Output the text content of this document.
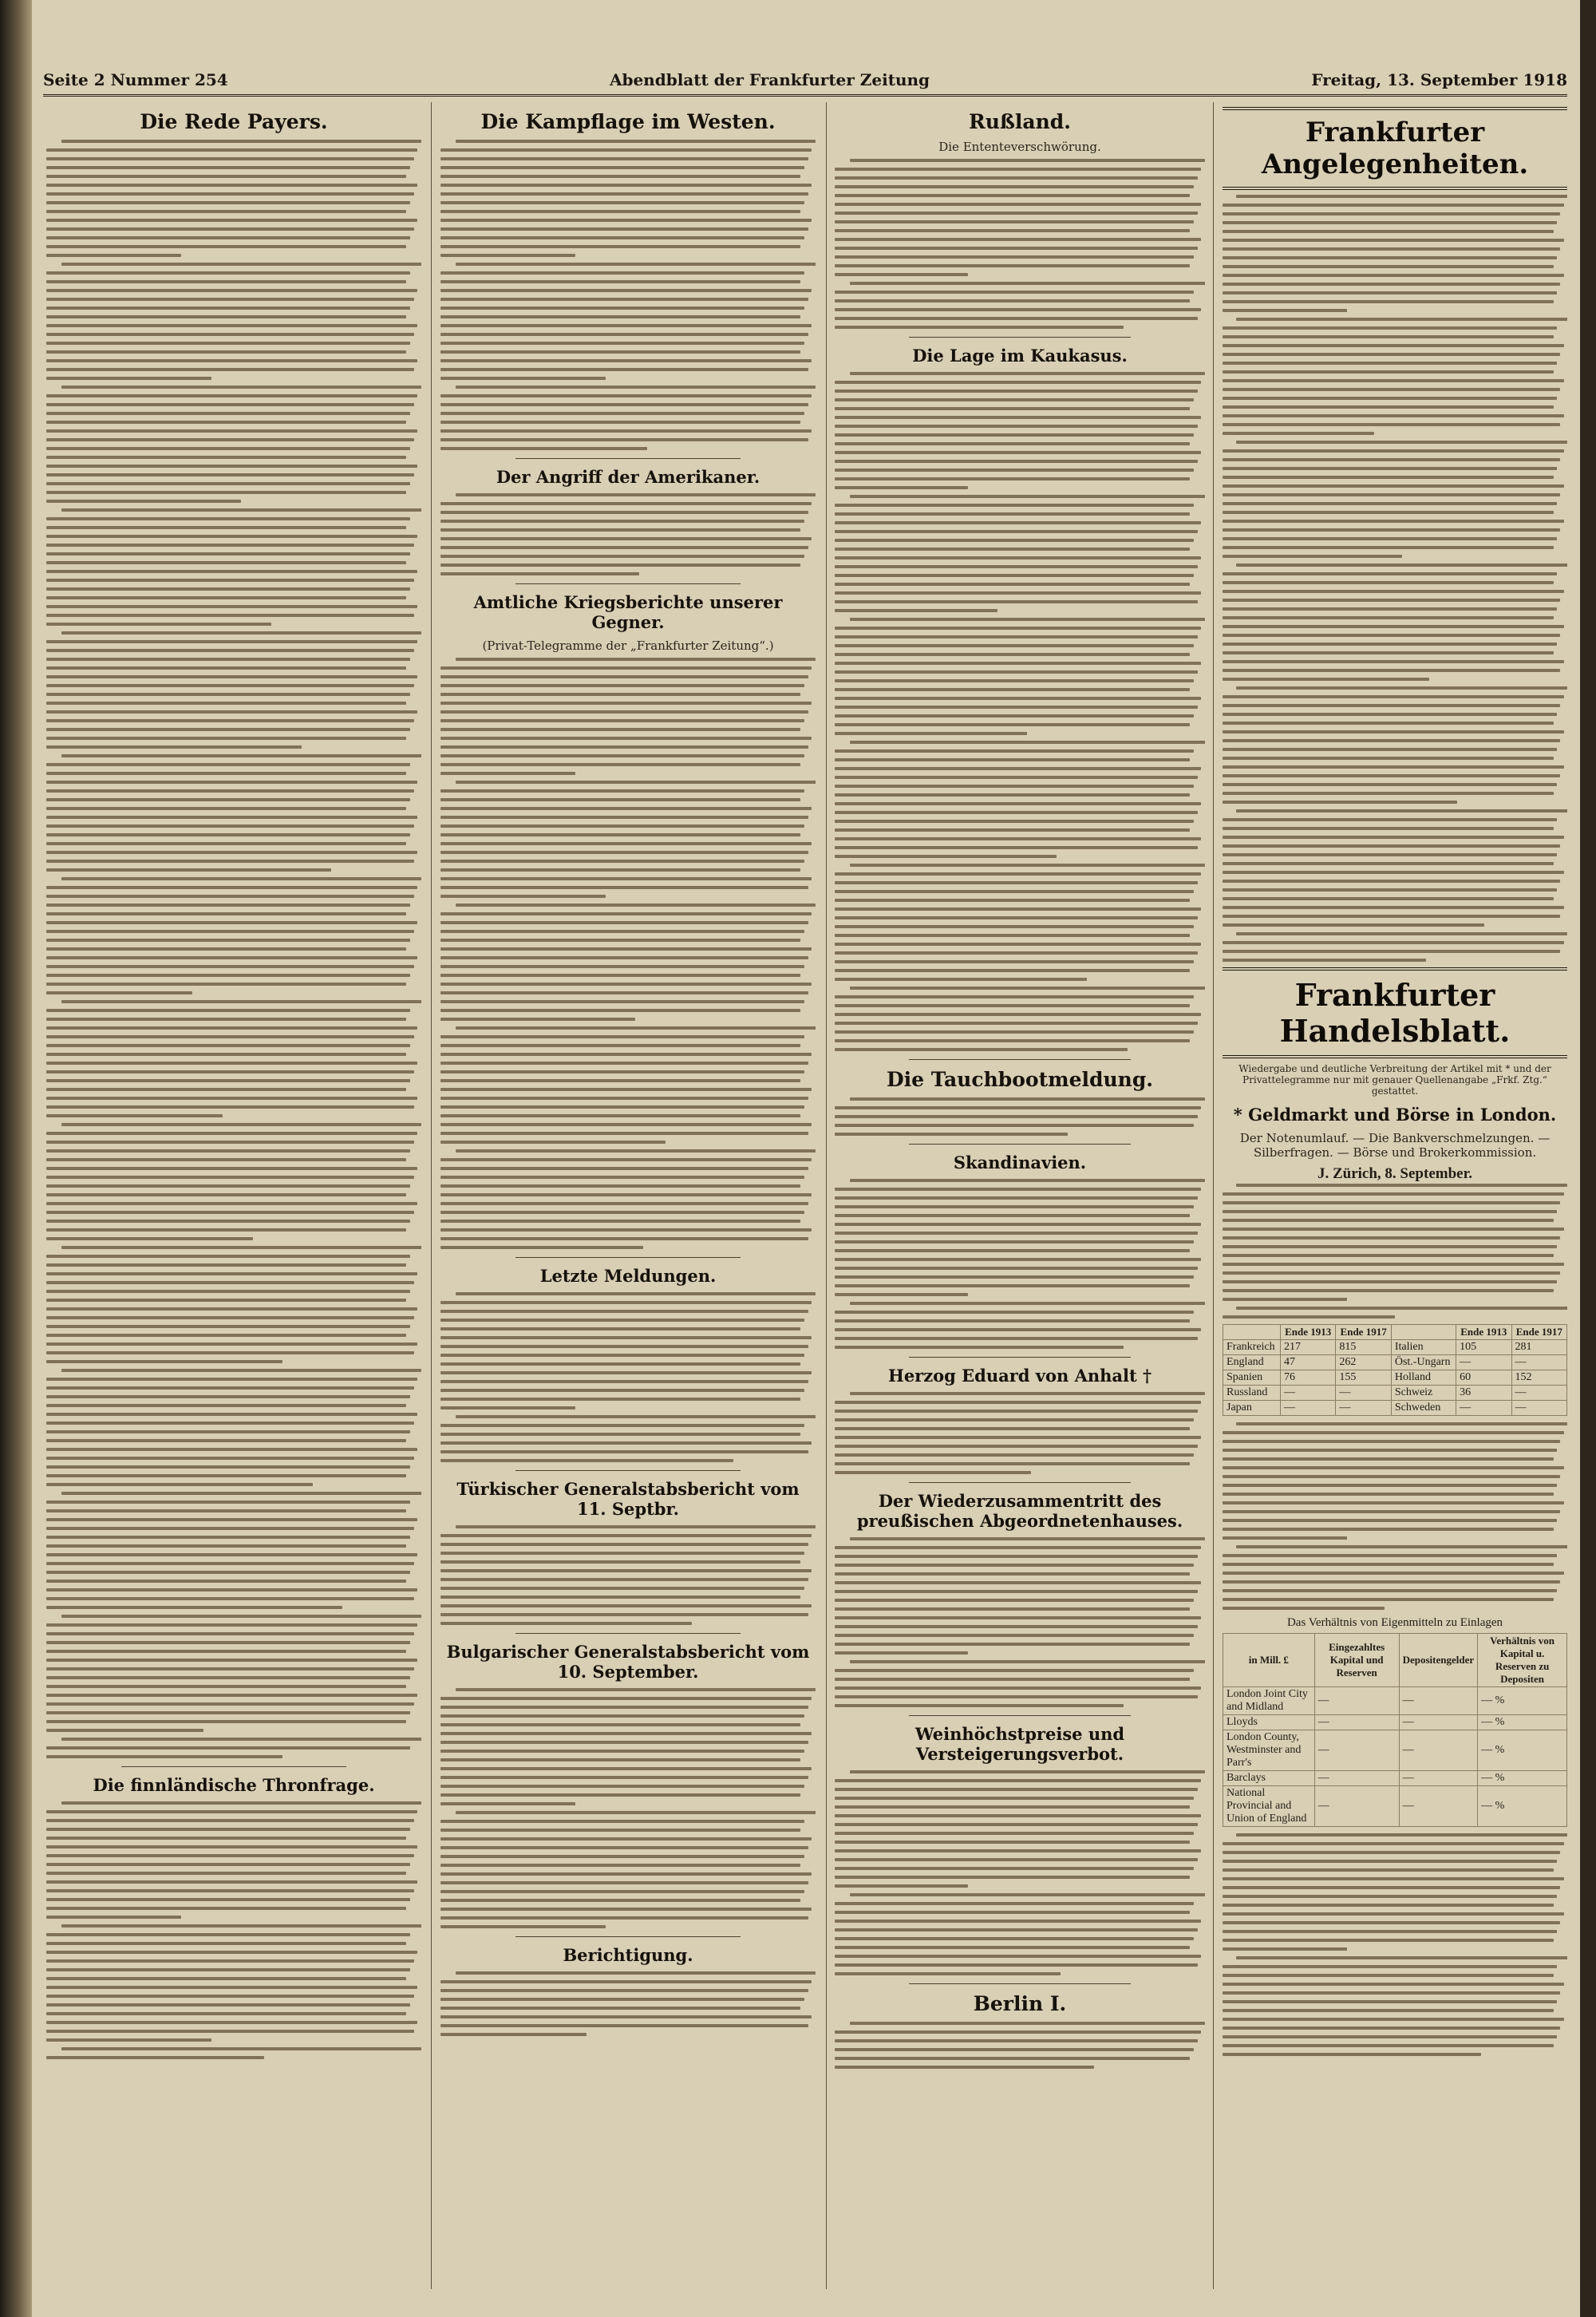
Seite 2 Nummer 254	Abendblatt der Frankfurter Zeitung	Freitag, 13. September 1918
Die Rede Payers.
Die finnländische Thronfrage.
Die Kampflage im Westen.
Der Angriff der Amerikaner.
Amtliche Kriegsberichte unserer Gegner.
(Privat-Telegramme der „Frankfurter Zeitung“.)
Letzte Meldungen.
Türkischer Generalstabsbericht vom 11. Septbr.
Bulgarischer Generalstabsbericht vom 10. September.
Berichtigung.
Rußland.
Die Ententeverschwörung.
Die Lage im Kaukasus.
Die Tauchbootmeldung.
Skandinavien.
Herzog Eduard von Anhalt †
Der Wiederzusammentritt des preußischen Abgeordnetenhauses.
Weinhöchstpreise und Versteigerungsverbot.
Berlin I.
Frankfurter Angelegenheiten.
Frankfurter Handelsblatt.
Wiedergabe und deutliche Verbreitung der Artikel mit * und der Privattelegramme nur mit genauer Quellenangabe „Frkf. Ztg.“ gestattet.
* Geldmarkt und Börse in London.
Der Notenumlauf. — Die Bankverschmelzungen. — Silberfragen. — Börse und Brokerkommission.
J. Zürich, 8. September.
	Ende 1913	Ende 1917		Ende 1913	Ende 1917
Frankreich	217	815	Italien	105	281
England	47	262	Öst.-Ungarn	—	—
Spanien	76	155	Holland	60	152
Russland	—	—	Schweiz	36	—
Japan	—	—	Schweden	—	—
Das Verhältnis von Eigenmitteln zu Einlagen
in Mill. £	Eingezahltes Kapital und Reserven	Depositengelder	Verhältnis von Kapital u. Reserven zu Depositen
London Joint City and Midland	—	—	— %
Lloyds	—	—	— %
London County, Westminster and Parr's	—	—	— %
Barclays	—	—	— %
National Provincial and Union of England	—	—	— %
